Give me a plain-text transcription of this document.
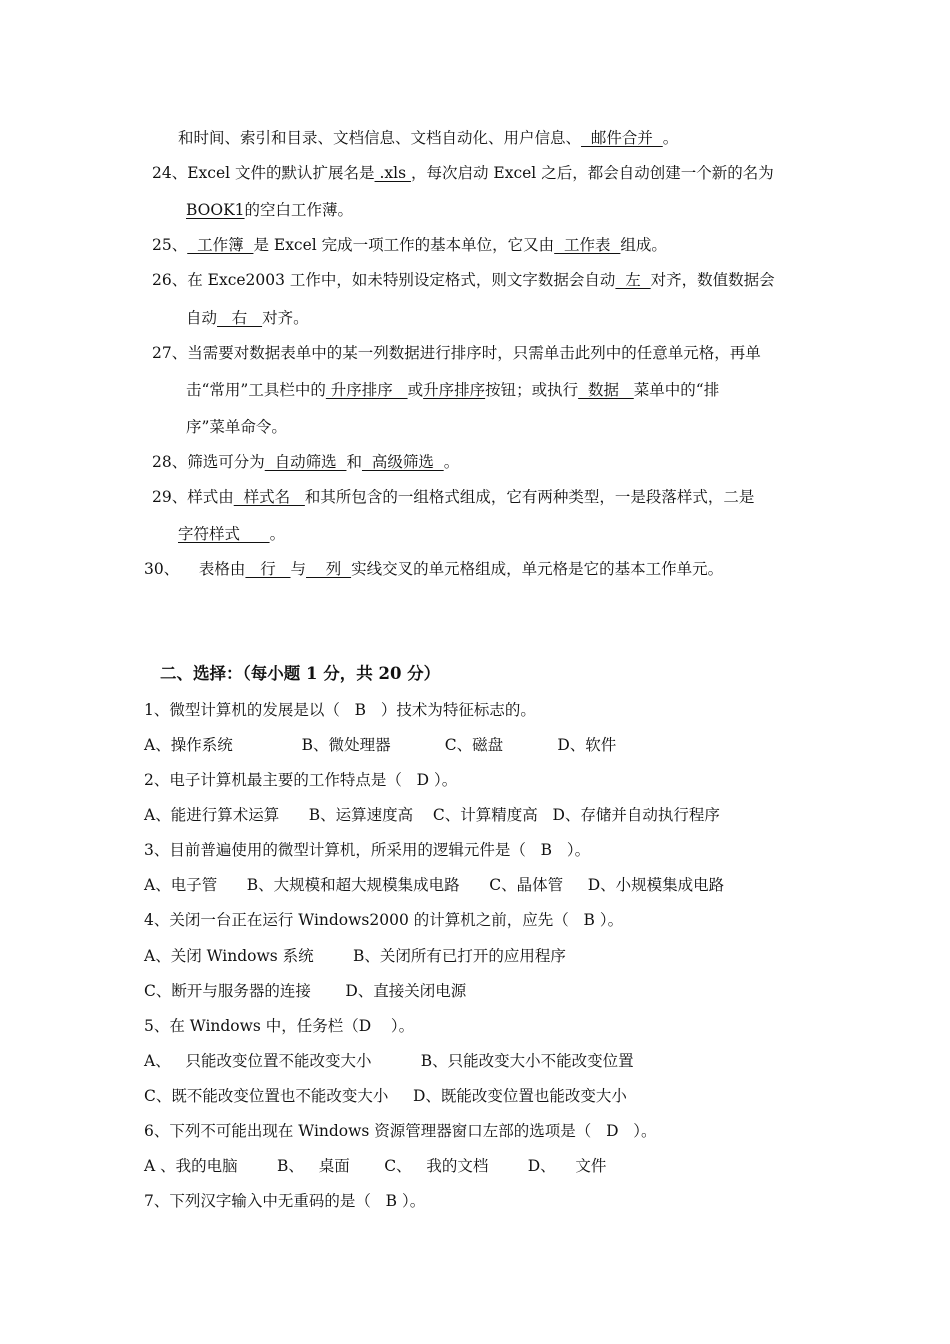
和时间、索引和目录、文档信息、文档自动化、用户信息、  邮件合并  。
24、Excel 文件的默认扩展名是 .xls ，每次启动 Excel 之后，都会自动创建一个新的名为
BOOK1的空白工作薄。
25、  工作簿  是 Excel 完成一项工作的基本单位，它又由  工作表  组成。
26、在 Exce2003 工作中，如未特别设定格式，则文字数据会自动  左  对齐，数值数据会
自动   右   对齐。
27、当需要对数据表单中的某一列数据进行排序时，只需单击此列中的任意单元格，再单
击“常用”工具栏中的 升序排序   或升序排序按钮；或执行  数据   菜单中的“排
序”菜单命令。
28、筛选可分为  自动筛选  和  高级筛选  。
29、样式由  样式名   和其所包含的一组格式组成，它有两种类型，一是段落样式，二是
字符样式      。
30、    表格由   行   与    列  实线交叉的单元格组成，单元格是它的基本工作单元。
二、选择：（每小题 1 分，共 20 分）
1、微型计算机的发展是以（   B   ）技术为特征标志的。
A、操作系统              B、微处理器           C、磁盘           D、软件
2、电子计算机最主要的工作特点是（   D ）。
A、能进行算术运算      B、运算速度高    C、计算精度高   D、存储并自动执行程序
3、目前普遍使用的微型计算机，所采用的逻辑元件是（   B   ）。
A、电子管      B、大规模和超大规模集成电路      C、晶体管     D、小规模集成电路
4、关闭一台正在运行 Windows2000 的计算机之前，应先（   B ）。
A、关闭 Windows 系统        B、关闭所有已打开的应用程序
C、断开与服务器的连接       D、直接关闭电源
5、在 Windows 中，任务栏（D    ）。
A、   只能改变位置不能改变大小          B、只能改变大小不能改变位置
C、既不能改变位置也不能改变大小     D、既能改变位置也能改变大小
6、下列不可能出现在 Windows 资源管理器窗口左部的选项是（   D   ）。
A 、我的电脑        B、   桌面       C、   我的文档        D、    文件
7、下列汉字输入中无重码的是（   B ）。
